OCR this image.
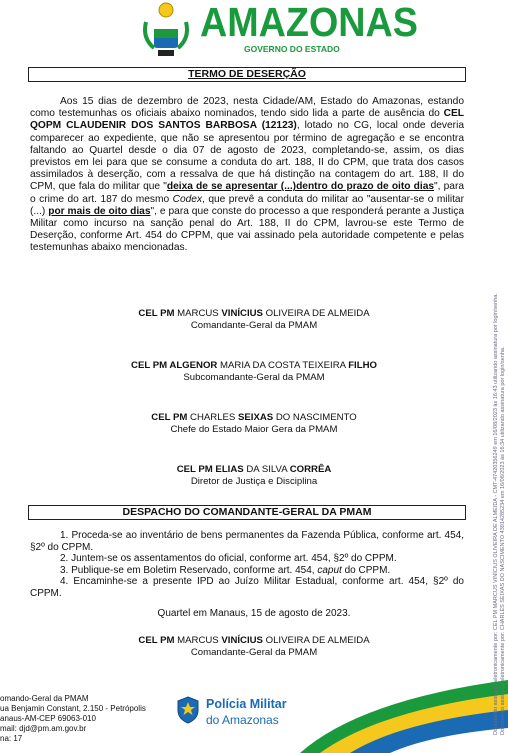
AMAZONAS
GOVERNO DO ESTADO
TERMO DE DESERÇÃO

Aos 15 dias de dezembro de 2023, nesta Cidade/AM, Estado do Amazonas, estando como testemunhas os oficiais abaixo nominados, tendo sido lida a parte de ausência do CEL QOPM CLAUDENIR DOS SANTOS BARBOSA (12123), lotado no CG, local onde deveria comparecer ao expediente, que não se apresentou por término de agregação e se encontra faltando ao Quartel desde o dia 07 de agosto de 2023, completando-se, assim, os dias previstos em lei para que se consume a conduta do art. 188, II do CPM, que trata dos casos assimilados à deserção, com a ressalva de que há distinção na contagem do art. 188, II do CPM, que fala do militar que "deixa de se apresentar (...)dentro do prazo de oito dias", para o crime do art. 187 do mesmo Codex, que prevê a conduta do militar ao "ausentar-se o militar (...) por mais de oito dias", e para que conste do processo a que responderá perante a Justiça Militar como incurso na sanção penal do Art. 188, II do CPM, lavrou-se este Termo de Deserção, conforme Art. 454 do CPPM, que vai assinado pela autoridade competente e pelas testemunhas abaixo mencionadas.

CEL PM MARCUS VINÍCIUS OLIVEIRA DE ALMEIDA
Comandante-Geral da PMAM
CEL PM ALGENOR MARIA DA COSTA TEIXEIRA FILHO
Subcomandante-Geral da PMAM
CEL PM CHARLES SEIXAS DO NASCIMENTO
Chefe do Estado Maior Gera da PMAM
CEL PM ELIAS DA SILVA CORRÊA
Diretor de Justiça e Disciplina
DESPACHO DO COMANDANTE-GERAL DA PMAM

1. Proceda-se ao inventário de bens permanentes da Fazenda Pública, conforme art. 454, §2º do CPPM.

2. Juntem-se os assentamentos do oficial, conforme art. 454, §2º do CPPM.

3. Publique-se em Boletim Reservado, conforme art. 454, caput do CPPM.

4. Encaminhe-se a presente IPD ao Juízo Militar Estadual, conforme art. 454, §2º do CPPM.

Quartel em Manaus, 15 de agosto de 2023.
CEL PM MARCUS VINÍCIUS OLIVEIRA DE ALMEIDA
Comandante-Geral da PMAM
omando-Geral da PMAM
ua Benjamin Constant, 2.150 - Petrópolis
anaus-AM-CEP 69063-010
mail: djd@pm.am.gov.br
na: 17
Polícia Militar
do Amazonas	Documento assinado eletronicamente por: CEL PM MARCUS VINÍCIUS OLIVEIRA DE ALMEIDA - CMT-47420356249 em 16/08/2023 às 16:43 utilizando assinatura por login/senha. Documento assinado eletronicamente por: CHARLES SEIXAS DO NASCIMENTO 43914285234 em 16/08/2023 às 16:34 utilizando assinatura por login/senha.
